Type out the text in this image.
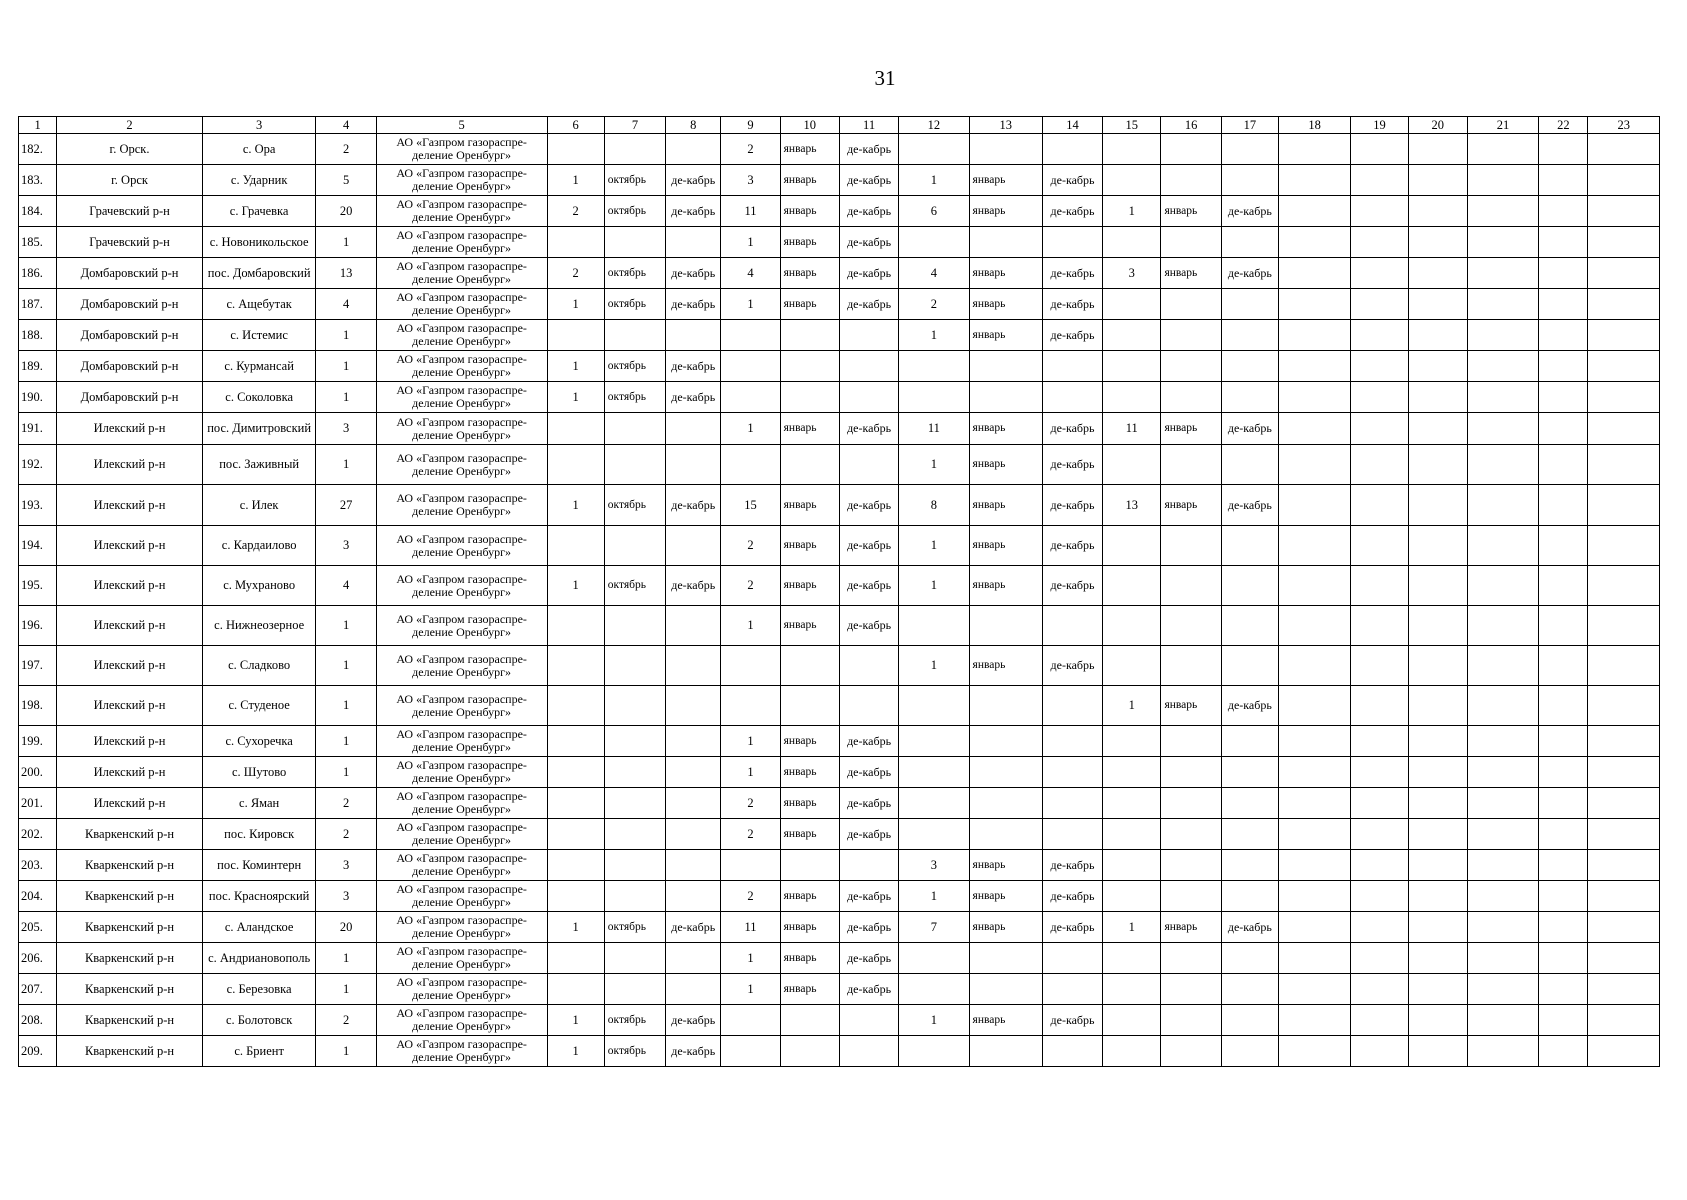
31
1	2	3	4	5	6	7	8	9	10	11	12	13	14	15	16	17	18	19	20	21	22	23
182.	г. Орск.	с. Ора	2	АО «Газпром газораспре-деление Оренбург»				2	январь	де-кабрь												
183.	г. Орск	с. Ударник	5	АО «Газпром газораспре-деление Оренбург»	1	октябрь	де-кабрь	3	январь	де-кабрь	1	январь	де-кабрь									
184.	Грачевский р-н	с. Грачевка	20	АО «Газпром газораспре-деление Оренбург»	2	октябрь	де-кабрь	11	январь	де-кабрь	6	январь	де-кабрь	1	январь	де-кабрь						
185.	Грачевский р-н	с. Новоникольское	1	АО «Газпром газораспре-деление Оренбург»				1	январь	де-кабрь												
186.	Домбаровский р-н	пос. Домбаровский	13	АО «Газпром газораспре-деление Оренбург»	2	октябрь	де-кабрь	4	январь	де-кабрь	4	январь	де-кабрь	3	январь	де-кабрь						
187.	Домбаровский р-н	с. Ащебутак	4	АО «Газпром газораспре-деление Оренбург»	1	октябрь	де-кабрь	1	январь	де-кабрь	2	январь	де-кабрь									
188.	Домбаровский р-н	с. Истемис	1	АО «Газпром газораспре-деление Оренбург»							1	январь	де-кабрь									
189.	Домбаровский р-н	с. Курмансай	1	АО «Газпром газораспре-деление Оренбург»	1	октябрь	де-кабрь															
190.	Домбаровский р-н	с. Соколовка	1	АО «Газпром газораспре-деление Оренбург»	1	октябрь	де-кабрь															
191.	Илекский р-н	пос. Димитровский	3	АО «Газпром газораспре-деление Оренбург»				1	январь	де-кабрь	11	январь	де-кабрь	11	январь	де-кабрь						
192.	Илекский р-н	пос. Заживный	1	АО «Газпром газораспре-деление Оренбург»							1	январь	де-кабрь									
193.	Илекский р-н	с. Илек	27	АО «Газпром газораспре-деление Оренбург»	1	октябрь	де-кабрь	15	январь	де-кабрь	8	январь	де-кабрь	13	январь	де-кабрь						
194.	Илекский р-н	с. Кардаилово	3	АО «Газпром газораспре-деление Оренбург»				2	январь	де-кабрь	1	январь	де-кабрь									
195.	Илекский р-н	с. Мухраново	4	АО «Газпром газораспре-деление Оренбург»	1	октябрь	де-кабрь	2	январь	де-кабрь	1	январь	де-кабрь									
196.	Илекский р-н	с. Нижнеозерное	1	АО «Газпром газораспре-деление Оренбург»				1	январь	де-кабрь												
197.	Илекский р-н	с. Сладково	1	АО «Газпром газораспре-деление Оренбург»							1	январь	де-кабрь									
198.	Илекский р-н	с. Студеное	1	АО «Газпром газораспре-деление Оренбург»										1	январь	де-кабрь						
199.	Илекский р-н	с. Сухоречка	1	АО «Газпром газораспре-деление Оренбург»				1	январь	де-кабрь												
200.	Илекский р-н	с. Шутово	1	АО «Газпром газораспре-деление Оренбург»				1	январь	де-кабрь												
201.	Илекский р-н	с. Яман	2	АО «Газпром газораспре-деление Оренбург»				2	январь	де-кабрь												
202.	Кваркенский р-н	пос. Кировск	2	АО «Газпром газораспре-деление Оренбург»				2	январь	де-кабрь												
203.	Кваркенский р-н	пос. Коминтерн	3	АО «Газпром газораспре-деление Оренбург»							3	январь	де-кабрь									
204.	Кваркенский р-н	пос. Красноярский	3	АО «Газпром газораспре-деление Оренбург»				2	январь	де-кабрь	1	январь	де-кабрь									
205.	Кваркенский р-н	с. Аландское	20	АО «Газпром газораспре-деление Оренбург»	1	октябрь	де-кабрь	11	январь	де-кабрь	7	январь	де-кабрь	1	январь	де-кабрь						
206.	Кваркенский р-н	с. Андриановополь	1	АО «Газпром газораспре-деление Оренбург»				1	январь	де-кабрь												
207.	Кваркенский р-н	с. Березовка	1	АО «Газпром газораспре-деление Оренбург»				1	январь	де-кабрь												
208.	Кваркенский р-н	с. Болотовск	2	АО «Газпром газораспре-деление Оренбург»	1	октябрь	де-кабрь				1	январь	де-кабрь									
209.	Кваркенский р-н	с. Бриент	1	АО «Газпром газораспре-деление Оренбург»	1	октябрь	де-кабрь															
